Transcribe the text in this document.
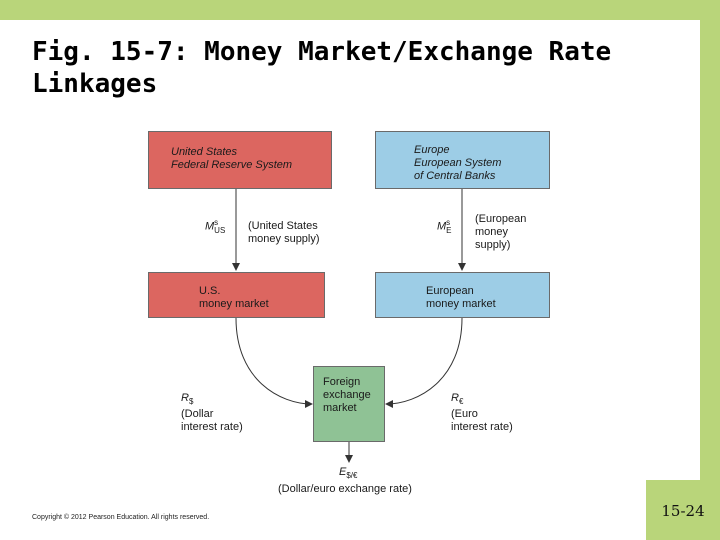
Fig. 15-7: Money Market/Exchange Rate
Linkages
United States
Federal Reserve System
Europe
European System
of Central Banks
$M^s_{US}$ (United States
money supply)
$M^s_E$
(European
money
supply)
U.S.
money market
European
money market
$R_{\$}$
(Dollar
interest rate)
Foreign
exchange
market
$R_€$
(Euro
interest rate)
$E_{\$/€}$
(Dollar/euro exchange rate)
Copyright © 2012 Pearson Education. All rights reserved.	15-24
